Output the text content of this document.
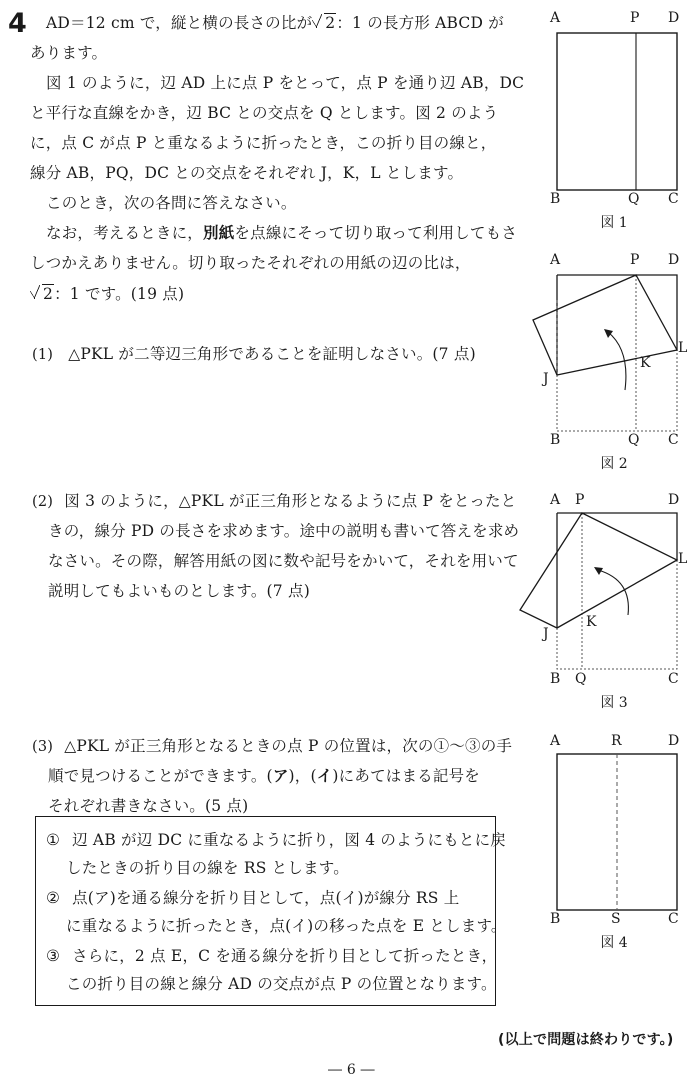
4 AD＝12 cm で，縦と横の長さの比が 2：1 の長方形 ABCD が
あります。
図 1 のように，辺 AD 上に点 P をとって，点 P を通り辺 AB，DC
と平行な直線をかき，辺 BC との交点を Q とします。図 2 のよう
に，点 C が点 P と重なるように折ったとき，この折り目の線と，
線分 AB，PQ，DC との交点をそれぞれ J，K，L とします。
このとき，次の各問に答えなさい。
なお，考えるときに，別紙を点線にそって切り取って利用してもさ
しつかえありません。切り取ったそれぞれの用紙の辺の比は，
2：1 です。(19 点)
(1) △PKL が二等辺三角形であることを証明しなさい。(7 点)
(2) 図 3 のように，△PKL が正三角形となるように点 P をとったと
きの，線分 PD の長さを求めます。途中の説明も書いて答えを求め
なさい。その際，解答用紙の図に数や記号をかいて，それを用いて
説明してもよいものとします。(7 点)
(3) △PKL が正三角形となるときの点 P の位置は，次の①～③の手
順で見つけることができます。(ア)，(イ)にあてはまる記号を
それぞれ書きなさい。(5 点)
① 辺 AB が辺 DC に重なるように折り，図 4 のようにもとに戻
したときの折り目の線を RS とします。
② 点(ア)を通る線分を折り目として，点(イ)が線分 RS 上
に重なるように折ったとき，点(イ)の移った点を E とします。
③ さらに，2 点 E，C を通る線分を折り目として折ったとき，
この折り目の線と線分 AD の交点が点 P の位置となります。
(以上で問題は終わりです。)
― 6 ―
A	P D
B	Q C
図 1
A	P D
J
K
L
B	Q C
図 2
A P	D
J
K
L
B Q	C
図 3
A	R	D
B	S	C
図 4
